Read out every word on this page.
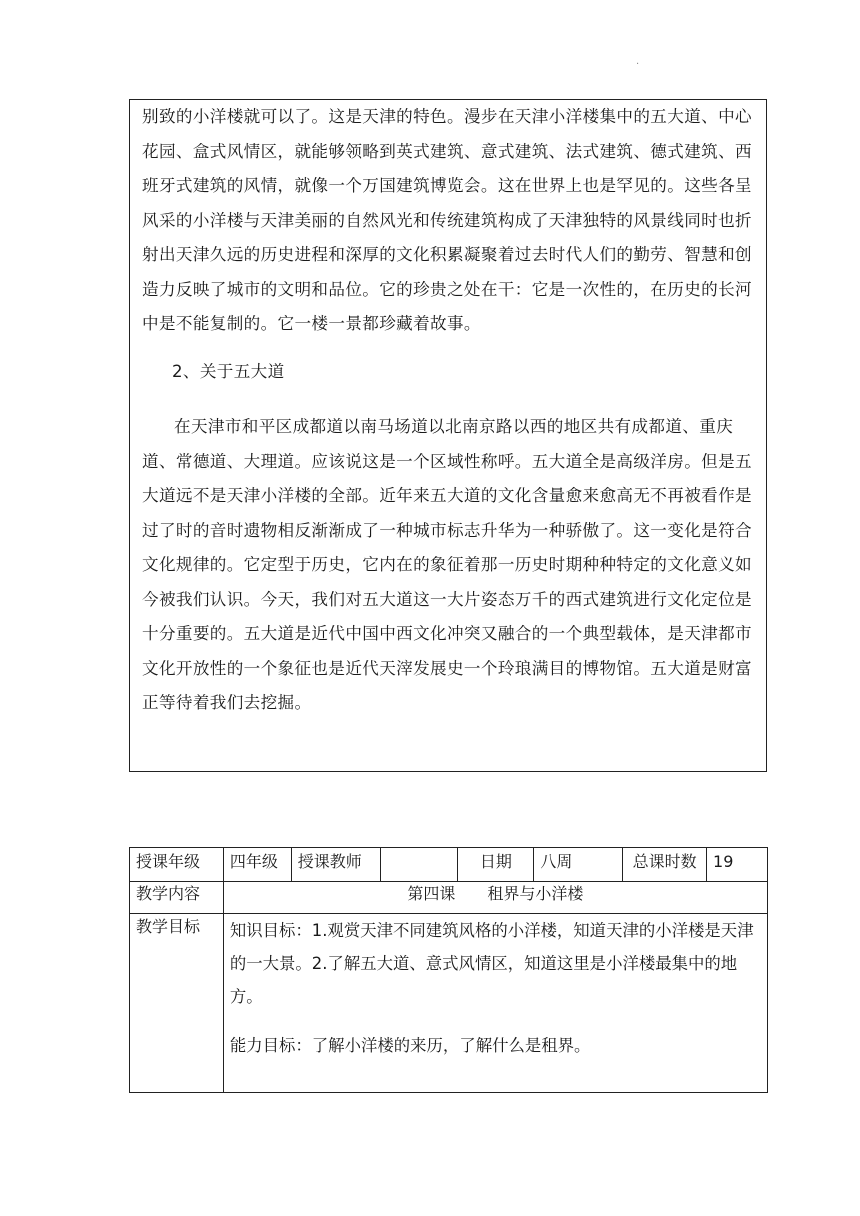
.

别致的小洋楼就可以了。这是天津的特色。漫步在天津小洋楼集中的五大道、中心花园、盒式风情区，就能够领略到英式建筑、意式建筑、法式建筑、德式建筑、西班牙式建筑的风情，就像一个万国建筑博览会。这在世界上也是罕见的。这些各呈风采的小洋楼与天津美丽的自然风光和传统建筑构成了天津独特的风景线同时也折射出天津久远的历史进程和深厚的文化积累凝聚着过去时代人们的勤劳、智慧和创造力反映了城市的文明和品位。它的珍贵之处在干：它是一次性的，在历史的长河中是不能复制的。它一楼一景都珍藏着故事。

2、关于五大道

在天津市和平区成都道以南马场道以北南京路以西的地区共有成都道、重庆道、常德道、大理道。应该说这是一个区域性称呼。五大道全是高级洋房。但是五大道远不是天津小洋楼的全部。近年来五大道的文化含量愈来愈高无不再被看作是过了时的音时遗物相反渐渐成了一种城市标志升华为一种骄傲了。这一变化是符合文化规律的。它定型于历史，它内在的象征着那一历史时期种种特定的文化意义如今被我们认识。今天，我们对五大道这一大片姿态万千的西式建筑进行文化定位是十分重要的。五大道是近代中国中西文化冲突又融合的一个典型载体，是天津都市文化开放性的一个象征也是近代天滓发展史一个玲琅满目的博物馆。五大道是财富正等待着我们去挖掘。

授课年级	四年级	授课教师		日期	八周	总课时数	19
教学内容	第四课　　租界与小洋楼						
教学目标	知识目标：1.观赏天津不同建筑风格的小洋楼，知道天津的小洋楼是天津的一大景。2.了解五大道、意式风情区，知道这里是小洋楼最集中的地方。

能力目标：了解小洋楼的来历，了解什么是租界。						
